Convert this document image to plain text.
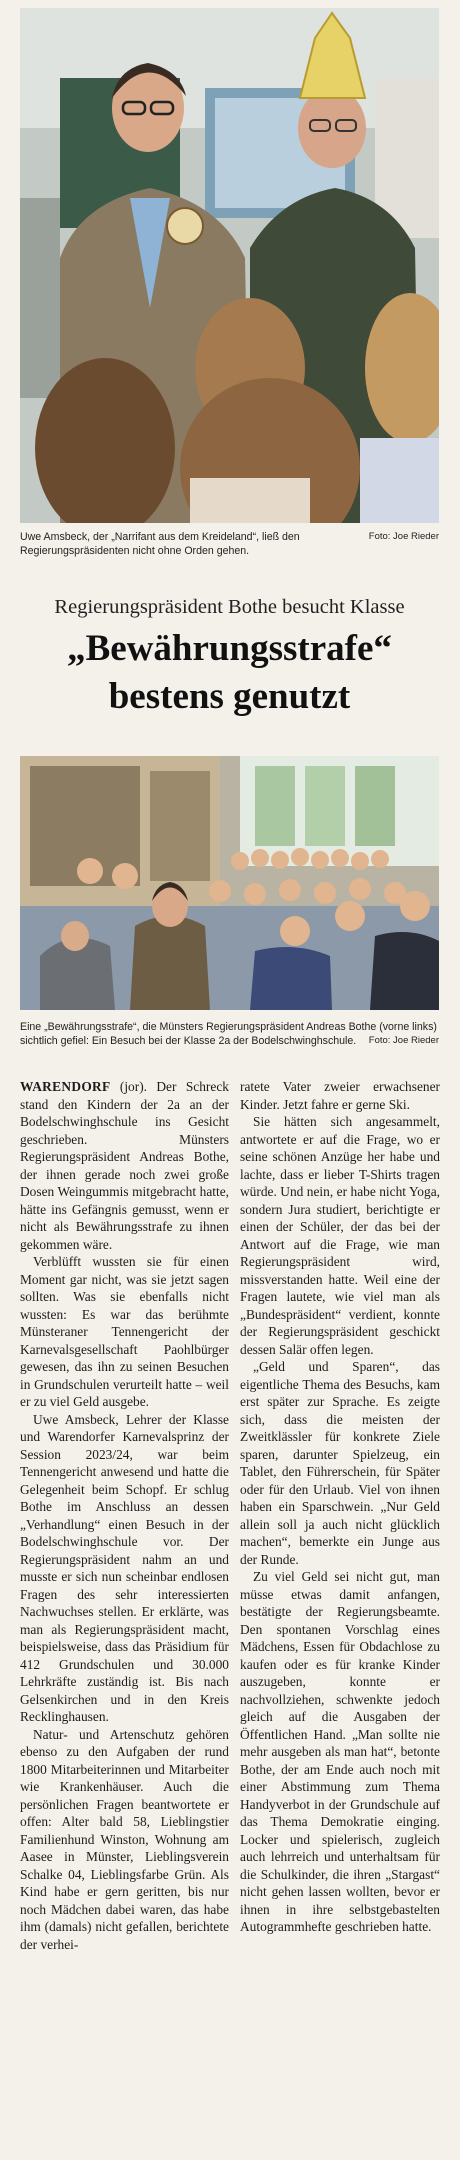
Foto: Joe Rieder
Uwe Amsbeck, der „Narrifant aus dem Kreideland“, ließ den Regierungspräsidenten nicht ohne Orden gehen.
Regierungspräsident Bothe besucht Klasse
„Bewährungsstrafe“ bestens genutzt
Eine „Bewährungsstrafe“, die Münsters Regierungspräsident Andreas Bothe (vorne links) sichtlich gefiel: Ein Besuch bei der Klasse 2a der Bodelschwinghschule. Foto: Joe Rieder

WARENDORF (jor). Der Schreck stand den Kindern der 2a an der Bodelschwinghschule ins Gesicht geschrieben. Münsters Regierungspräsident Andreas Bothe, der ihnen gerade noch zwei große Dosen Weingummis mitgebracht hatte, hätte ins Gefängnis gemusst, wenn er nicht als Bewährungsstrafe zu ihnen gekommen wäre.

Verblüfft wussten sie für einen Moment gar nicht, was sie jetzt sagen sollten. Was sie ebenfalls nicht wussten: Es war das berühmte Münsteraner Tennengericht der Karnevalsgesellschaft Paohlbürger gewesen, das ihn zu seinen Besuchen in Grundschulen verurteilt hatte – weil er zu viel Geld ausgebe.

Uwe Amsbeck, Lehrer der Klasse und Warendorfer Karnevalsprinz der Session 2023/24, war beim Tennengericht anwesend und hatte die Gelegenheit beim Schopf. Er schlug Bothe im Anschluss an dessen „Verhandlung“ einen Besuch in der Bodelschwinghschule vor. Der Regierungspräsident nahm an und musste er sich nun scheinbar endlosen Fragen des sehr interessierten Nachwuchses stellen. Er erklärte, was man als Regierungspräsident macht, beispielsweise, dass das Präsidium für 412 Grundschulen und 30.000 Lehrkräfte zuständig ist. Bis nach Gelsenkirchen und in den Kreis Recklinghausen.

Natur- und Artenschutz gehören ebenso zu den Aufgaben der rund 1800 Mitarbeiterinnen und Mitarbeiter wie Krankenhäuser. Auch die persönlichen Fragen beantwortete er offen: Alter bald 58, Lieblingstier Familienhund Winston, Wohnung am Aasee in Münster, Lieblingsverein Schalke 04, Lieblingsfarbe Grün. Als Kind habe er gern geritten, bis nur noch Mädchen dabei waren, das habe ihm (damals) nicht gefallen, berichtete der verhei-

ratete Vater zweier erwachsener Kinder. Jetzt fahre er gerne Ski.

Sie hätten sich angesammelt, antwortete er auf die Frage, wo er seine schönen Anzüge her habe und lachte, dass er lieber T-Shirts tragen würde. Und nein, er habe nicht Yoga, sondern Jura studiert, berichtigte er einen der Schüler, der das bei der Antwort auf die Frage, wie man Regierungspräsident wird, missverstanden hatte. Weil eine der Fragen lautete, wie viel man als „Bundespräsident“ verdient, konnte der Regierungspräsident geschickt dessen Salär offen legen.

„Geld und Sparen“, das eigentliche Thema des Besuchs, kam erst später zur Sprache. Es zeigte sich, dass die meisten der Zweitklässler für konkrete Ziele sparen, darunter Spielzeug, ein Tablet, den Führerschein, für Später oder für den Urlaub. Viel von ihnen haben ein Sparschwein. „Nur Geld allein soll ja auch nicht glücklich machen“, bemerkte ein Junge aus der Runde.

Zu viel Geld sei nicht gut, man müsse etwas damit anfangen, bestätigte der Regierungsbeamte. Den spontanen Vorschlag eines Mädchens, Essen für Obdachlose zu kaufen oder es für kranke Kinder auszugeben, konnte er nachvollziehen, schwenkte jedoch gleich auf die Ausgaben der Öffentlichen Hand. „Man sollte nie mehr ausgeben als man hat“, betonte Bothe, der am Ende auch noch mit einer Abstimmung zum Thema Handyverbot in der Grundschule auf das Thema Demokratie einging. Locker und spielerisch, zugleich auch lehrreich und unterhaltsam für die Schulkinder, die ihren „Stargast“ nicht gehen lassen wollten, bevor er ihnen in ihre selbstgebastelten Autogrammhefte geschrieben hatte.
